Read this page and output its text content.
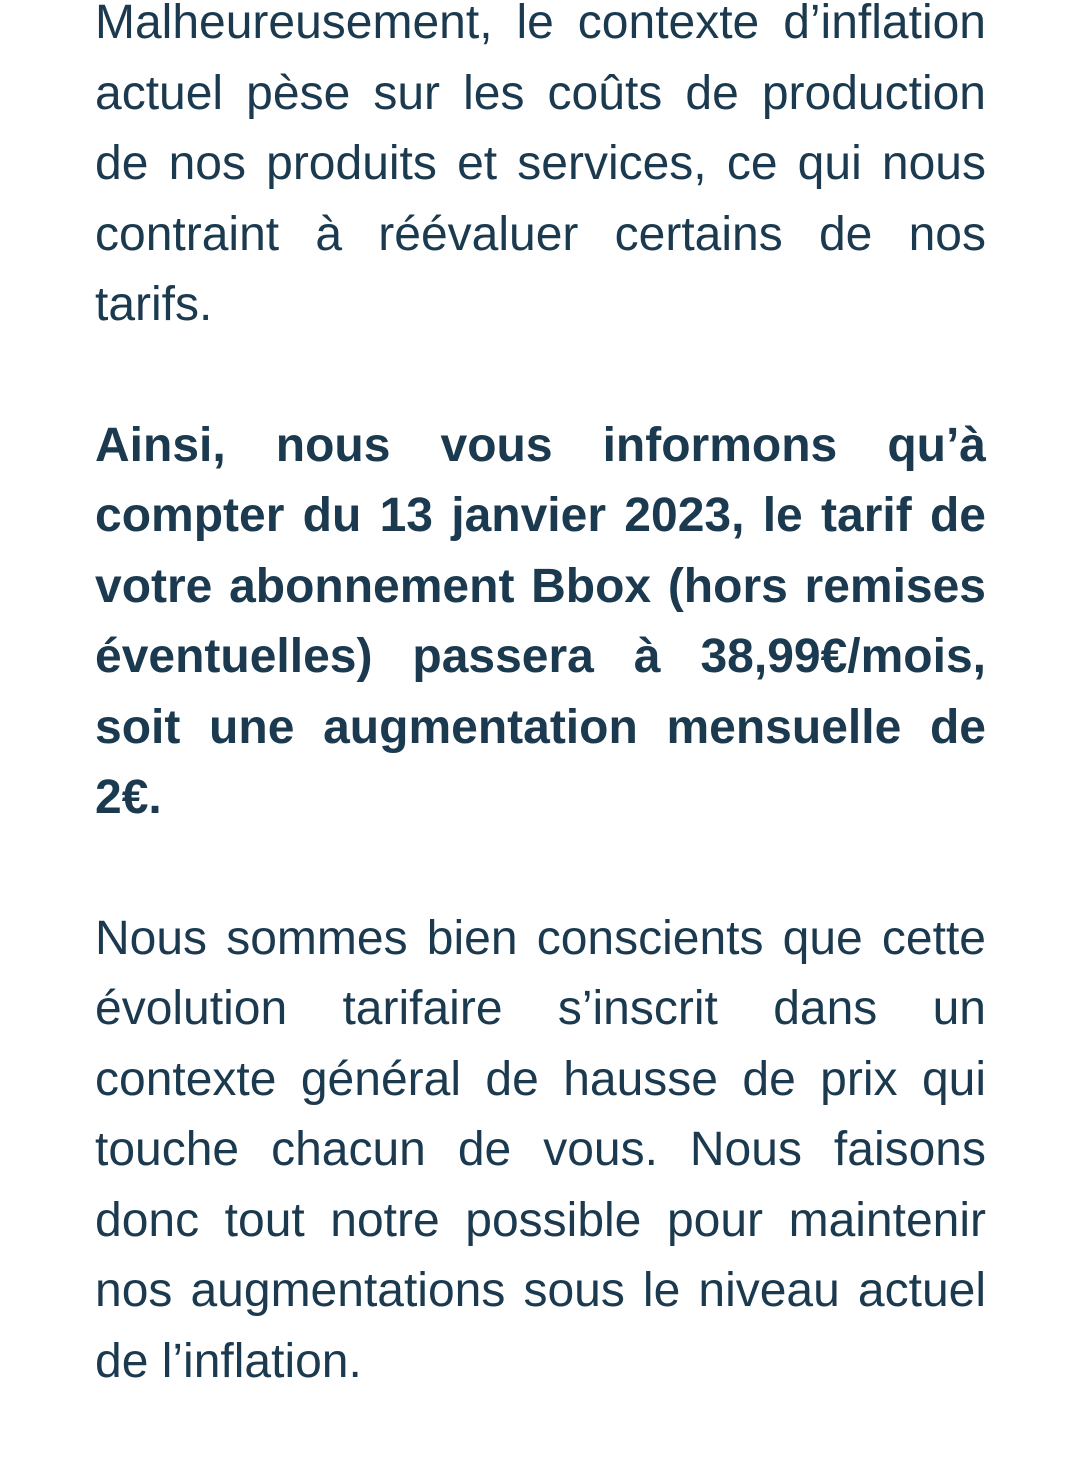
Malheureusement, le contexte d’inflation actuel pèse sur les coûts de production de nos produits et services, ce qui nous contraint à réévaluer certains de nos tarifs.

Ainsi, nous vous informons qu’à compter du 13 janvier 2023, le tarif de votre abonnement Bbox (hors remises éventuelles) passera à 38,99€/mois, soit une augmentation mensuelle de 2€.

Nous sommes bien conscients que cette évolution tarifaire s’inscrit dans un contexte général de hausse de prix qui touche chacun de vous. Nous faisons donc tout notre possible pour maintenir nos augmentations sous le niveau actuel de l’inflation.
